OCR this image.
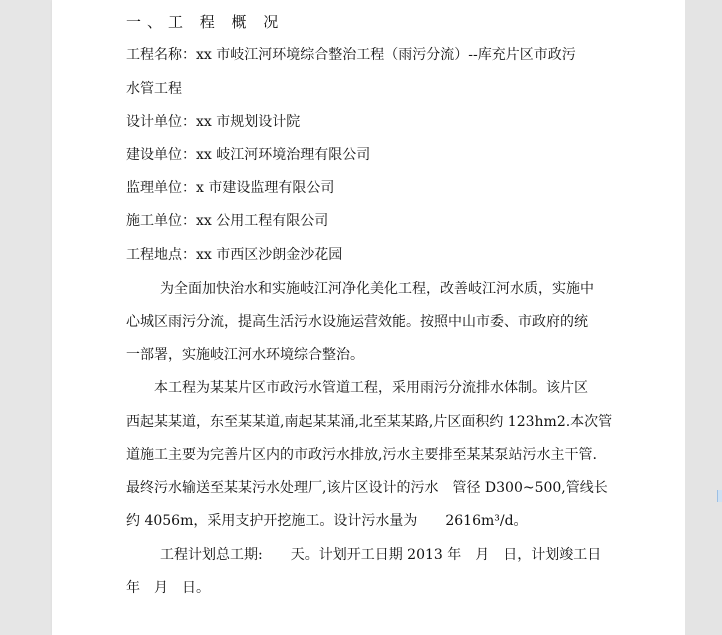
一、工 程 概 况
工程名称：xx 市岐江河环境综合整治工程（雨污分流）--库充片区市政污
水管工程
设计单位：xx 市规划设计院
建设单位：xx 岐江河环境治理有限公司
监理单位：x 市建设监理有限公司
施工单位：xx 公用工程有限公司
工程地点：xx 市西区沙朗金沙花园
为全面加快治水和实施岐江河净化美化工程，改善岐江河水质，实施中
心城区雨污分流，提高生活污水设施运营效能。按照中山市委、市政府的统
一部署，实施岐江河水环境综合整治。
本工程为某某片区市政污水管道工程，采用雨污分流排水体制。该片区
西起某某道，东至某某道,南起某某涌,北至某某路,片区面积约 123hm2.本次管
道施工主要为完善片区内的市政污水排放,污水主要排至某某泵站污水主干管.
最终污水输送至某某污水处理厂,该片区设计的污水　管径 D300~500,管线长
约 4056m，采用支护开挖施工。设计污水量为　　2616m³/d。
工程计划总工期:　　天。计划开工日期 2013 年　月　日，计划竣工日
年　月　日。
